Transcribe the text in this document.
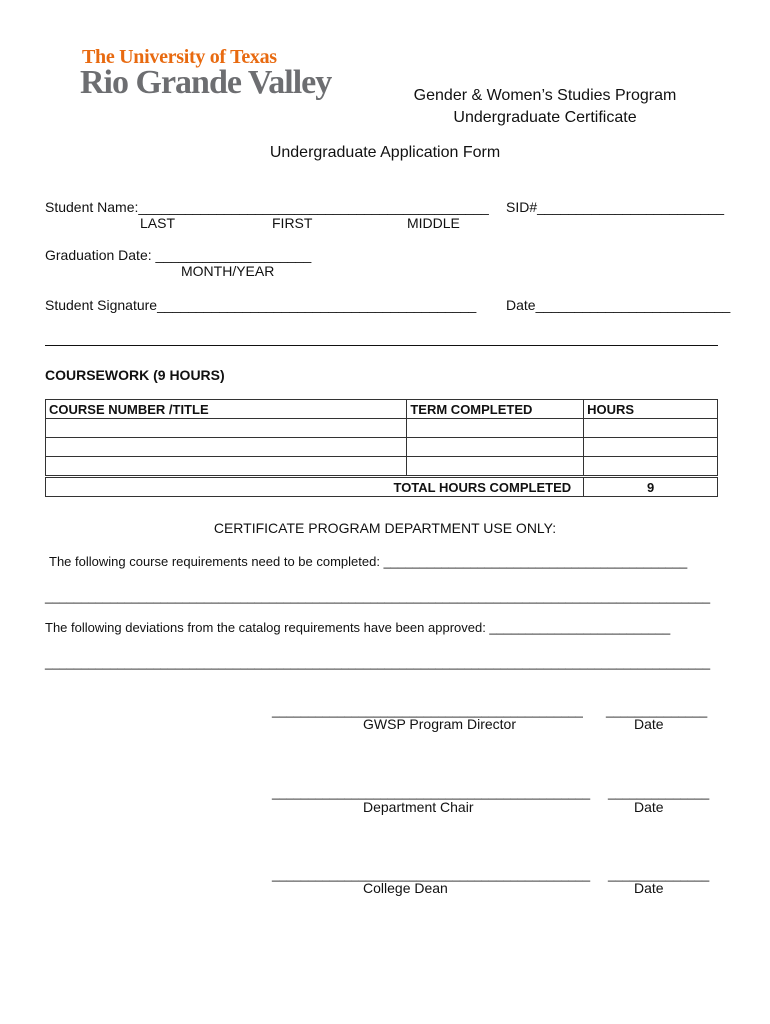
The University of Texas
Rio Grande Valley	Gender & Women’s Studies Program
Undergraduate Certificate
Undergraduate Application Form
Student Name:_____________________________________________ SID#________________________
LAST	FIRST	MIDDLE
Graduation Date: ____________________
MONTH/YEAR
Student Signature_________________________________________ Date_________________________
COURSEWORK (9 HOURS)
COURSE NUMBER /TITLE	TERM COMPLETED	HOURS

TOTAL HOURS COMPLETED		9
CERTIFICATE PROGRAM DEPARTMENT USE ONLY:
The following course requirements need to be completed: __________________________________________
____________________________________________________________________________________________
The following deviations from the catalog requirements have been approved: _________________________
____________________________________________________________________________________________
___________________________________________ ______________
GWSP Program Director	Date
____________________________________________ ______________
Department Chair	Date
____________________________________________ ______________
College Dean	Date
